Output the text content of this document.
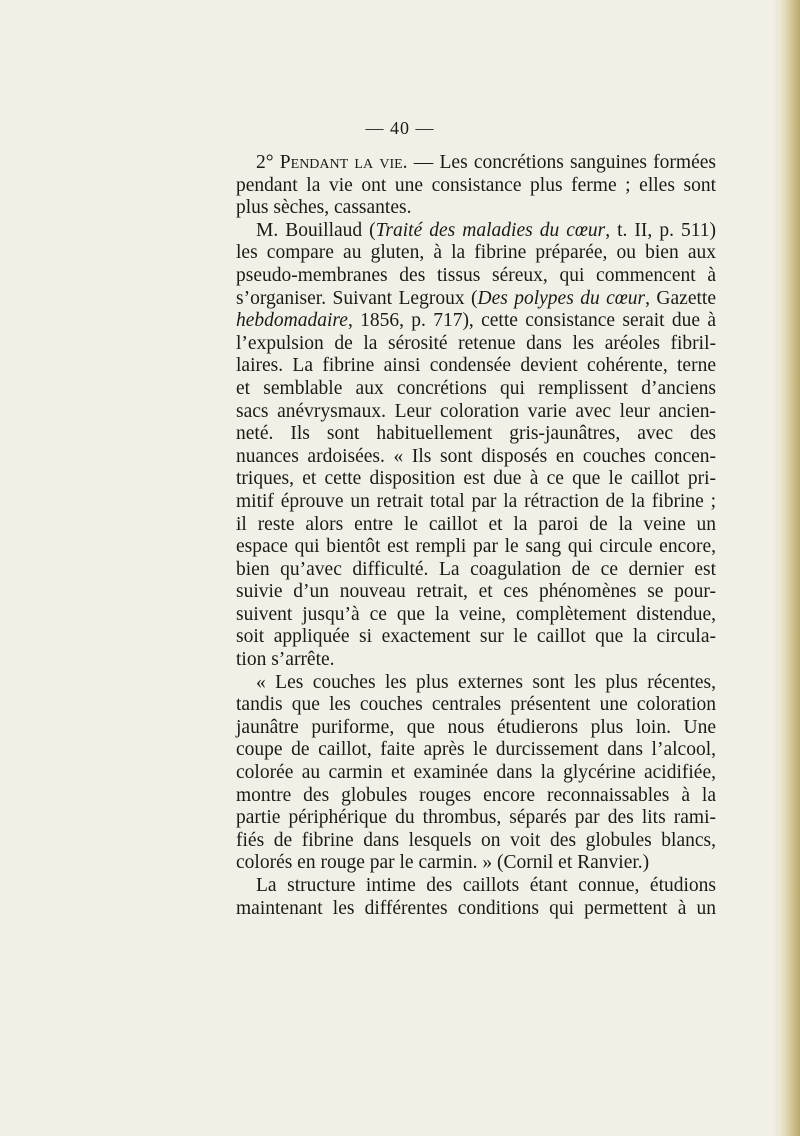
— 40 —
2° Pendant la vie. — Les concrétions sanguines formées
pendant la vie ont une consistance plus ferme ; elles sont
plus sèches, cassantes.
M. Bouillaud (Traité des maladies du cœur, t. II, p. 511)
les compare au gluten, à la fibrine préparée, ou bien aux
pseudo-membranes des tissus séreux, qui commencent à
s’organiser. Suivant Legroux (Des polypes du cœur, Gazette
hebdomadaire, 1856, p. 717), cette consistance serait due à
l’expulsion de la sérosité retenue dans les aréoles fibril-
laires. La fibrine ainsi condensée devient cohérente, terne
et semblable aux concrétions qui remplissent d’anciens
sacs anévrysmaux. Leur coloration varie avec leur ancien-
neté. Ils sont habituellement gris-jaunâtres, avec des
nuances ardoisées. « Ils sont disposés en couches concen-
triques, et cette disposition est due à ce que le caillot pri-
mitif éprouve un retrait total par la rétraction de la fibrine ;
il reste alors entre le caillot et la paroi de la veine un
espace qui bientôt est rempli par le sang qui circule encore,
bien qu’avec difficulté. La coagulation de ce dernier est
suivie d’un nouveau retrait, et ces phénomènes se pour-
suivent jusqu’à ce que la veine, complètement distendue,
soit appliquée si exactement sur le caillot que la circula-
tion s’arrête.
« Les couches les plus externes sont les plus récentes,
tandis que les couches centrales présentent une coloration
jaunâtre puriforme, que nous étudierons plus loin. Une
coupe de caillot, faite après le durcissement dans l’alcool,
colorée au carmin et examinée dans la glycérine acidifiée,
montre des globules rouges encore reconnaissables à la
partie périphérique du thrombus, séparés par des lits rami-
fiés de fibrine dans lesquels on voit des globules blancs,
colorés en rouge par le carmin. » (Cornil et Ranvier.)
La structure intime des caillots étant connue, étudions
maintenant les différentes conditions qui permettent à un
